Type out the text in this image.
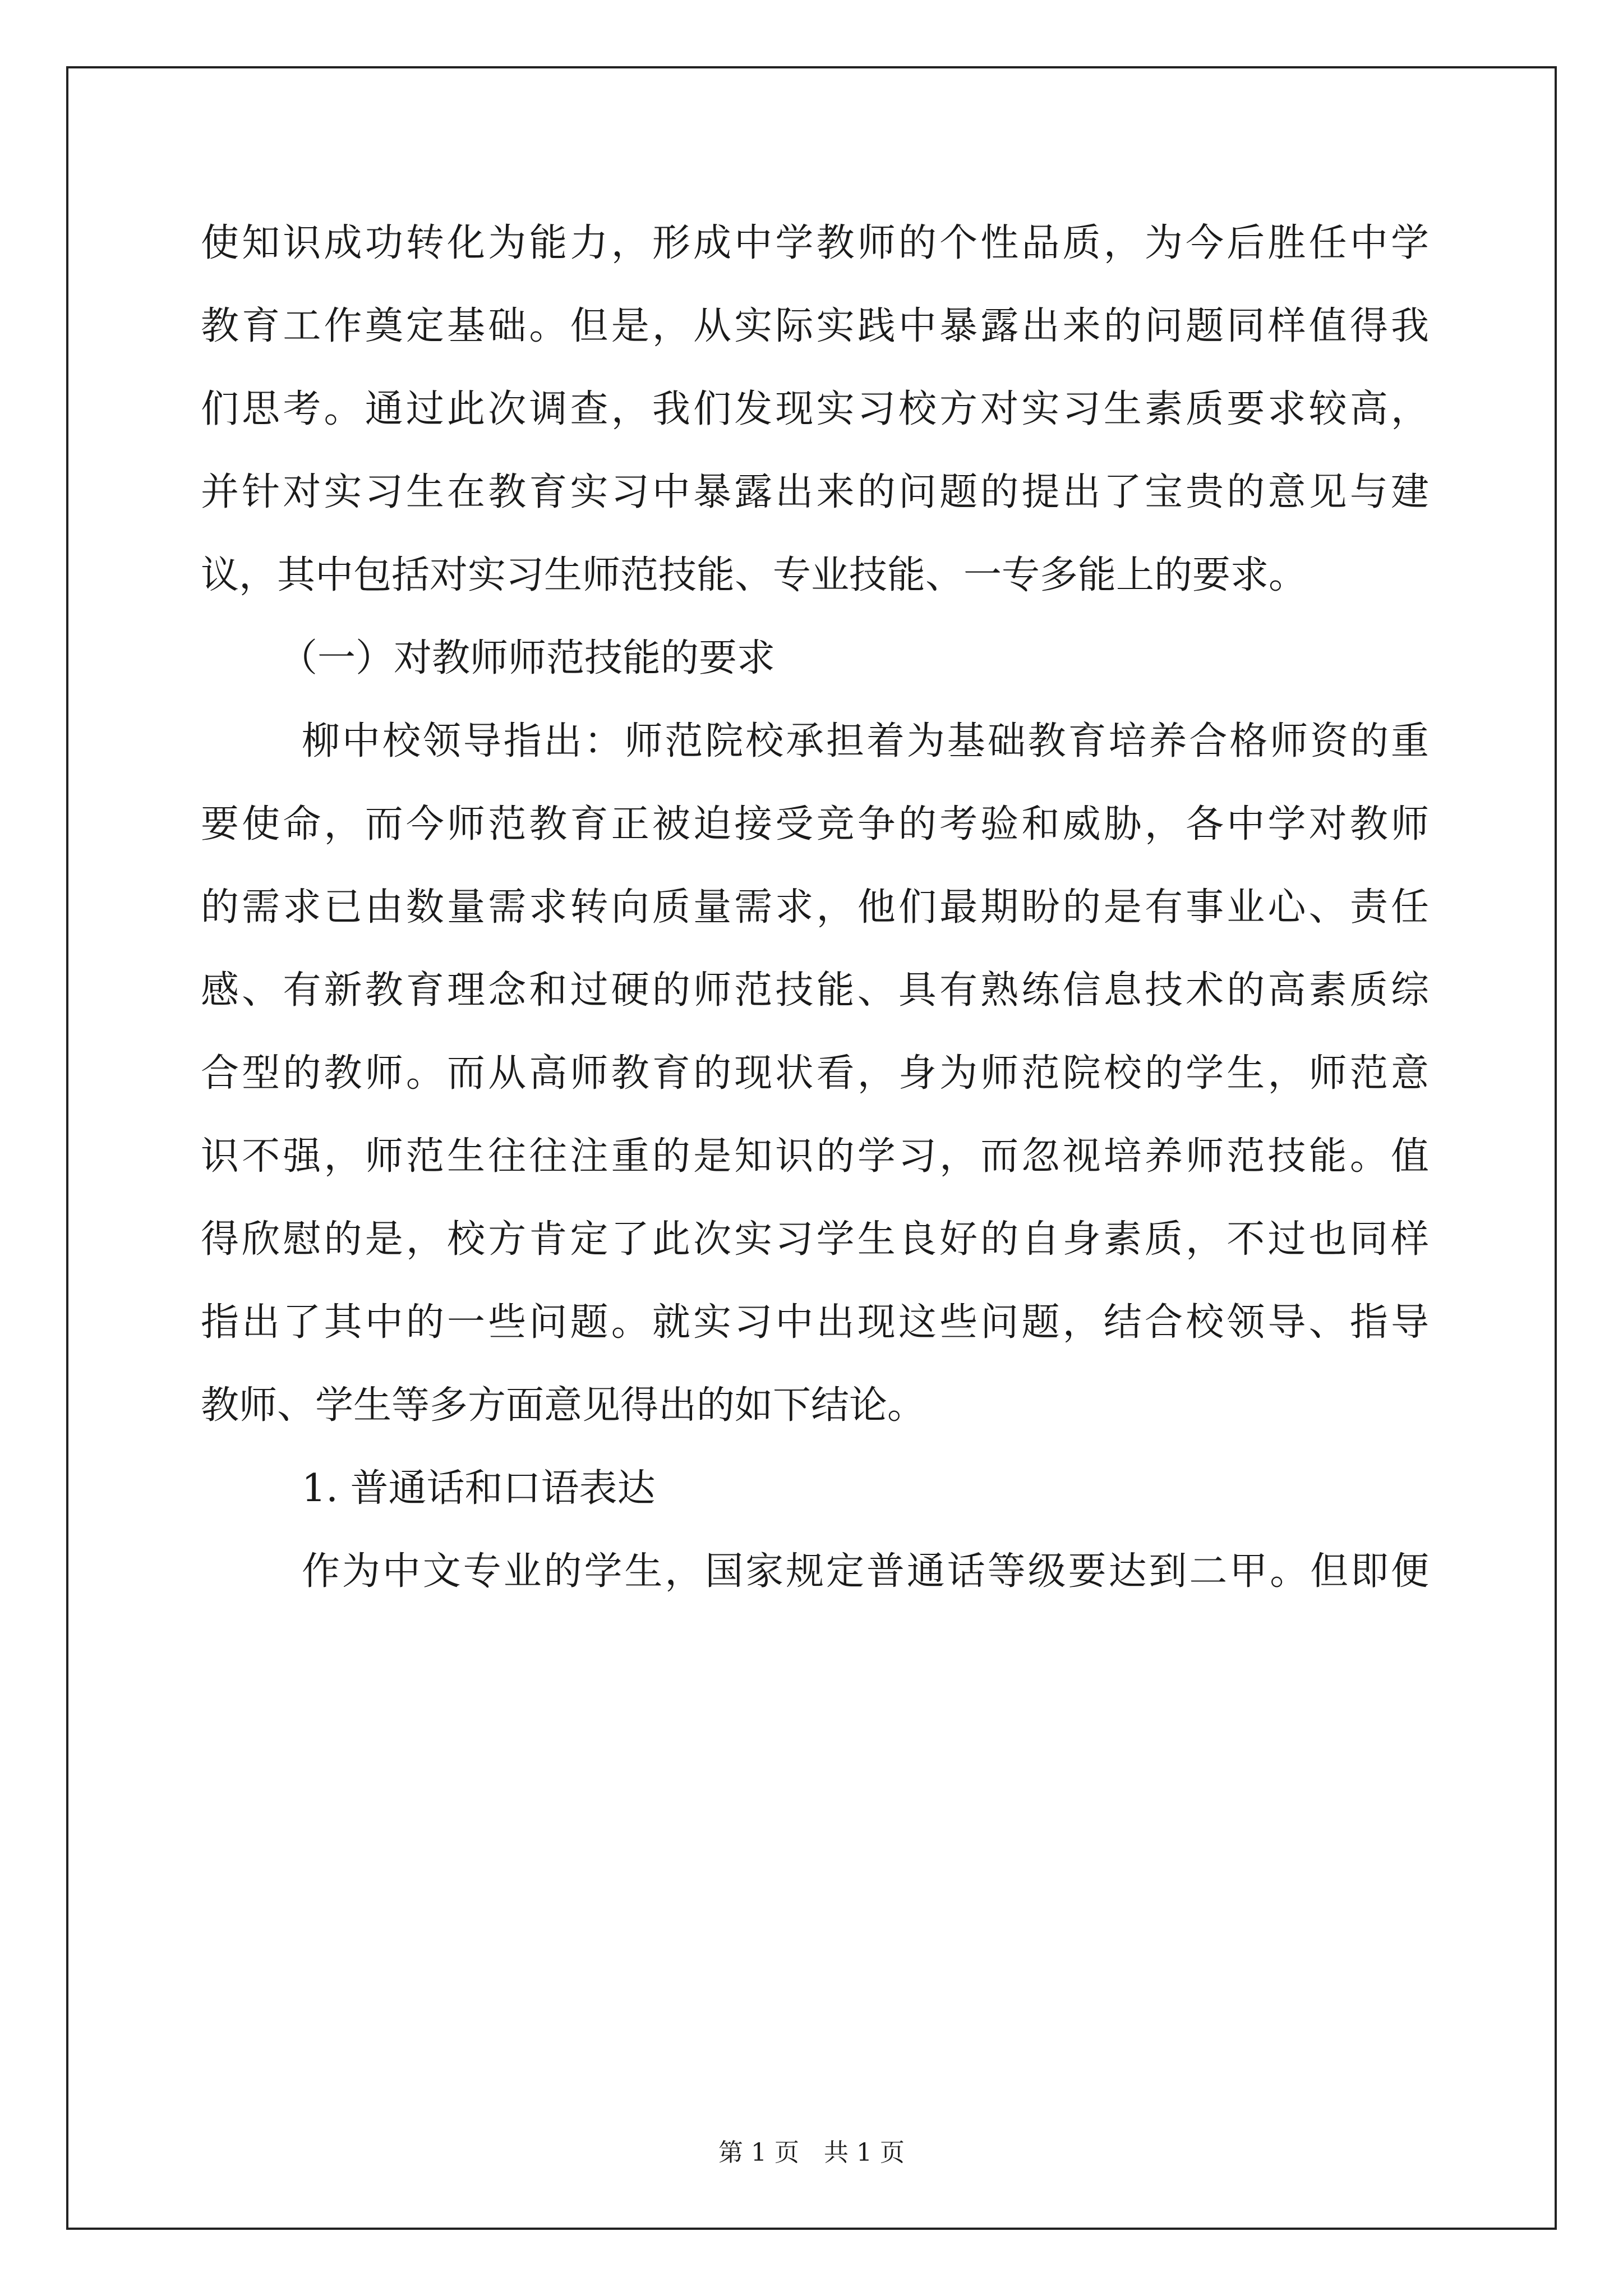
使知识成功转化为能力，形成中学教师的个性品质，为今后胜任中学
教育工作奠定基础。但是，从实际实践中暴露出来的问题同样值得我
们思考。通过此次调查，我们发现实习校方对实习生素质要求较高，
并针对实习生在教育实习中暴露出来的问题的提出了宝贵的意见与建
议，其中包括对实习生师范技能、专业技能、一专多能上的要求。
（一）对教师师范技能的要求
柳中校领导指出：师范院校承担着为基础教育培养合格师资的重
要使命，而今师范教育正被迫接受竞争的考验和威胁，各中学对教师
的需求已由数量需求转向质量需求，他们最期盼的是有事业心、责任
感、有新教育理念和过硬的师范技能、具有熟练信息技术的高素质综
合型的教师。而从高师教育的现状看，身为师范院校的学生，师范意
识不强，师范生往往注重的是知识的学习，而忽视培养师范技能。值
得欣慰的是，校方肯定了此次实习学生良好的自身素质，不过也同样
指出了其中的一些问题。就实习中出现这些问题，结合校领导、指导
教师、学生等多方面意见得出的如下结论。
1. 普通话和口语表达
作为中文专业的学生，国家规定普通话等级要达到二甲。但即便
第 1 页　共 1 页
